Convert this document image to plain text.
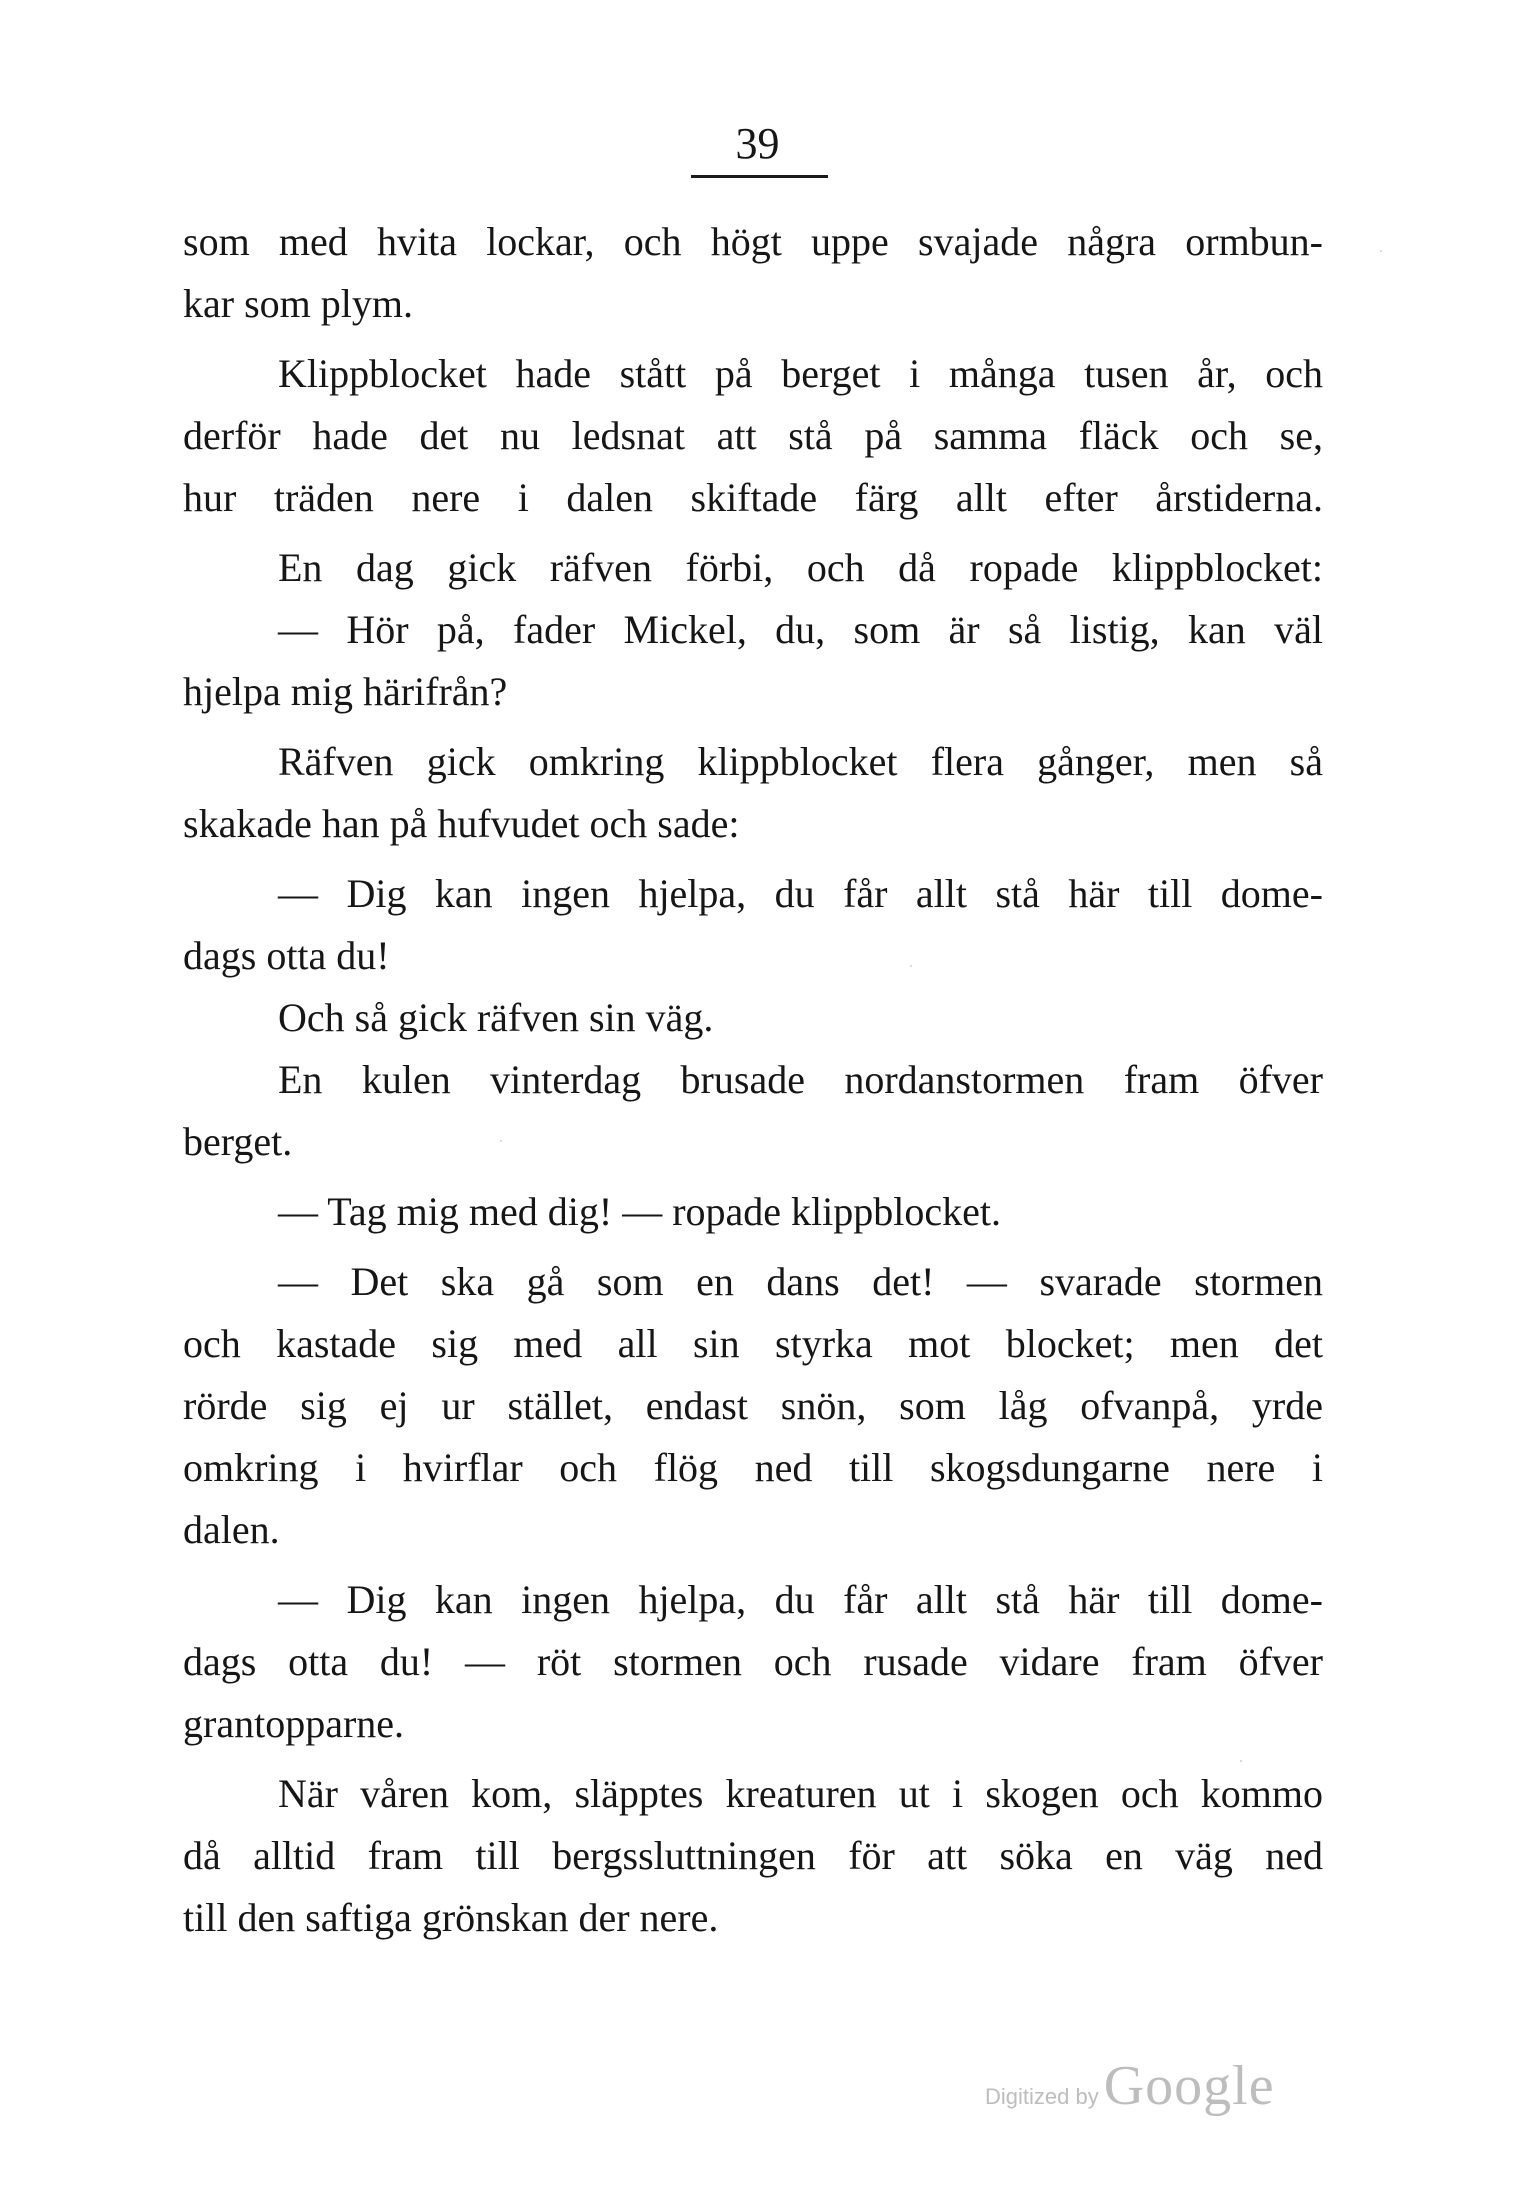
39
som med hvita lockar, och högt uppe svajade några ormbun-
kar som plym.
Klippblocket hade stått på berget i många tusen år, och
derför hade det nu ledsnat att stå på samma fläck och se,
hur träden nere i dalen skiftade färg allt efter årstiderna.
En dag gick räfven förbi, och då ropade klippblocket:
— Hör på, fader Mickel, du, som är så listig, kan väl
hjelpa mig härifrån?
Räfven gick omkring klippblocket flera gånger, men så
skakade han på hufvudet och sade:
— Dig kan ingen hjelpa, du får allt stå här till dome-
dags otta du!
Och så gick räfven sin väg.
En kulen vinterdag brusade nordanstormen fram öfver
berget.
— Tag mig med dig! — ropade klippblocket.
— Det ska gå som en dans det! — svarade stormen
och kastade sig med all sin styrka mot blocket; men det
rörde sig ej ur stället, endast snön, som låg ofvanpå, yrde
omkring i hvirflar och flög ned till skogsdungarne nere i
dalen.
— Dig kan ingen hjelpa, du får allt stå här till dome-
dags otta du! — röt stormen och rusade vidare fram öfver
grantopparne.
När våren kom, släpptes kreaturen ut i skogen och kommo
då alltid fram till bergssluttningen för att söka en väg ned
till den saftiga grönskan der nere.
Digitized by Google
